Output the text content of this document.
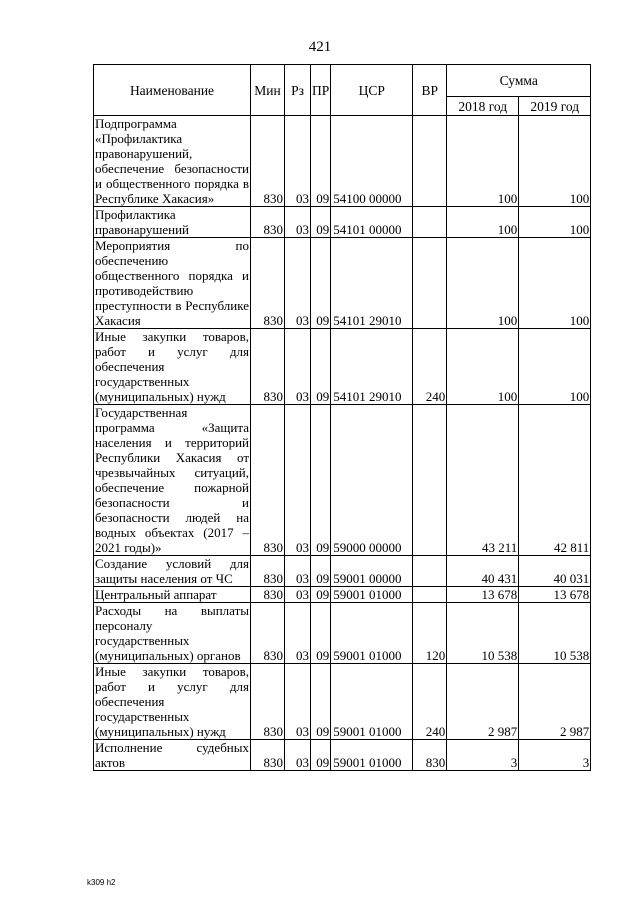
421
Наименование	Мин	Рз	ПР	ЦСР	ВР	Сумма	
						2018 год	2019 год
Подпрограмма «Профилактика правонарушений, обеспечение безопасности и общественного порядка в Республике Хакасия»	830	03	09	54100 00000		100	100
Профилактика правонарушений	830	03	09	54101 00000		100	100
Мероприятия по обеспечению общественного порядка и противодействию преступности в Республике Хакасия	830	03	09	54101 29010		100	100
Иные закупки товаров, работ и услуг для обеспечения государственных (муниципальных) нужд	830	03	09	54101 29010	240	100	100
Государственная программа «Защита населения и территорий Республики Хакасия от чрезвычайных ситуаций, обеспечение пожарной безопасности и безопасности людей на водных объектах (2017 – 2021 годы)»	830	03	09	59000 00000		43 211	42 811
Создание условий для защиты населения от ЧС	830	03	09	59001 00000		40 431	40 031
Центральный аппарат	830	03	09	59001 01000		13 678	13 678
Расходы на выплаты персоналу государственных (муниципальных) органов	830	03	09	59001 01000	120	10 538	10 538
Иные закупки товаров, работ и услуг для обеспечения государственных (муниципальных) нужд	830	03	09	59001 01000	240	2 987	2 987
Исполнение судебных актов	830	03	09	59001 01000	830	3	3
k309 h2
